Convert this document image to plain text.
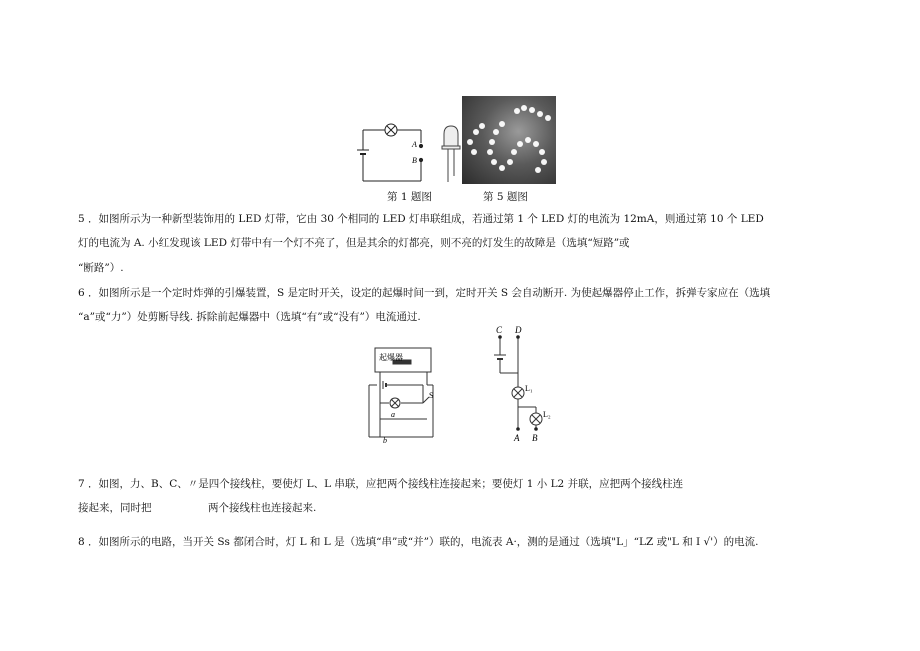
A
B
第 1 题图	第 5 题图
5 ．如图所示为一种新型装饰用的 LED 灯带，它由 30 个相同的 LED 灯串联组成，若通过第 1 个 LED 灯的电流为 12mA，则通过第 10 个 LED
灯的电流为 A. 小红发现该 LED 灯带中有一个灯不亮了，但是其余的灯都亮，则不亮的灯发生的故障是（选填“短路”或
“断路”）.
6 ．如图所示是一个定时炸弹的引爆装置，S 是定时开关，设定的起爆时间一到，定时开关 S 会自动断开. 为使起爆器停止工作，拆弹专家应在（选填
“a”或“力”）处剪断导线. 拆除前起爆器中（选填“有”或“没有”）电流通过.
起爆器
S
a
b
C D
L₁
L₂
A B
7 ．如图，力、B、C、〃是四个接线柱，要使灯 L、L 串联，应把两个接线柱连接起来；要使灯 1 小 L2 并联，应把两个接线柱连
接起来，同时把	两个接线柱也连接起来.
8 ．如图所示的电路，当开关 Ss 都闭合时，灯 L 和 L 是（选填“串”或“并”）联的，电流表 A·，测的是通过（选填"L」“LZ 或"L 和 I √'）的电流.
